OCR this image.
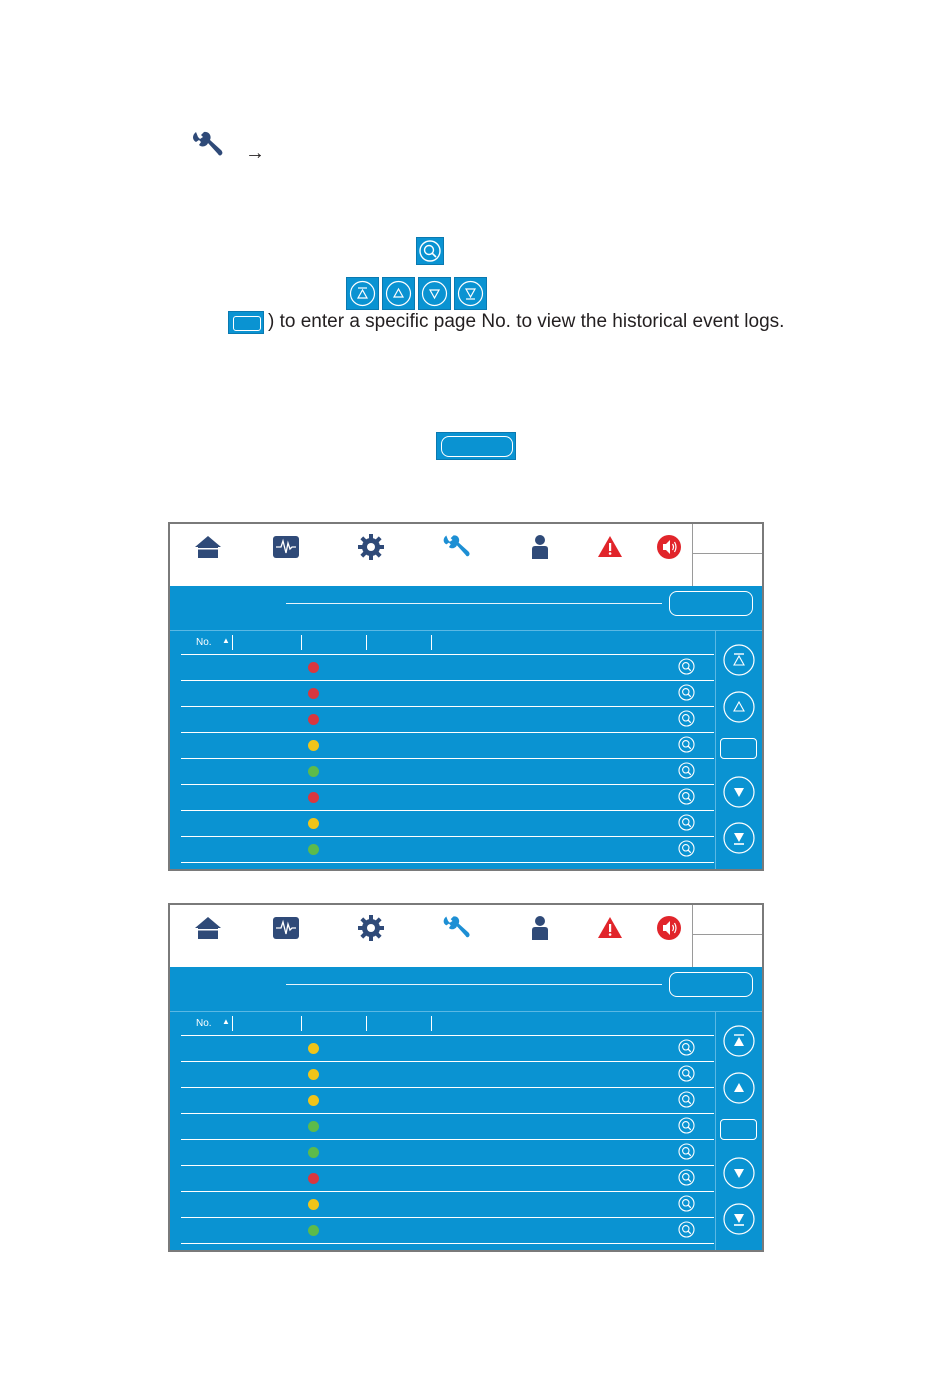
→
) to enter a specific page No. to view the historical event logs.
No. ▲
No. ▲
